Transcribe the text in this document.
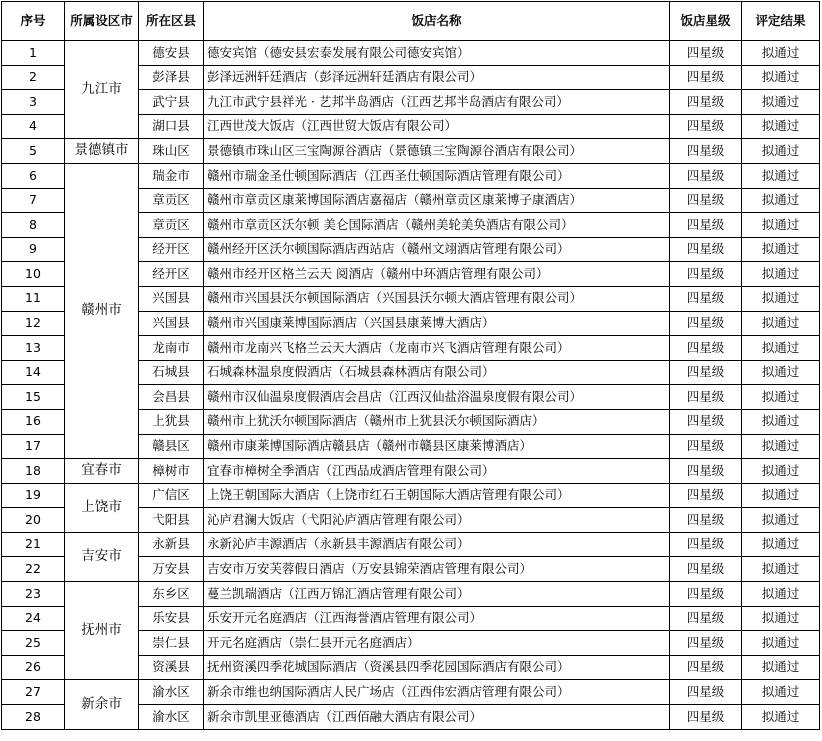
序号	所属设区市	所在区县	饭店名称	饭店星级	评定结果
1	九江市	德安县	德安宾馆（德安县宏泰发展有限公司德安宾馆）	四星级	拟通过
2		彭泽县	彭泽远洲轩廷酒店（彭泽远洲轩廷酒店有限公司）	四星级	拟通过
3		武宁县	九江市武宁县祥光 · 艺邦半岛酒店（江西艺邦半岛酒店有限公司）	四星级	拟通过
4		湖口县	江西世茂大饭店（江西世贸大饭店有限公司）	四星级	拟通过
5	景德镇市	珠山区	景德镇市珠山区三宝陶源谷酒店（景德镇三宝陶源谷酒店有限公司）	四星级	拟通过
6	赣州市	瑞金市	赣州市瑞金圣仕顿国际酒店（江西圣仕顿国际酒店管理有限公司）	四星级	拟通过
7		章贡区	赣州市章贡区康莱博国际酒店嘉福店（赣州章贡区康莱博子康酒店）	四星级	拟通过
8		章贡区	赣州市章贡区沃尔顿 美仑国际酒店（赣州美轮美奂酒店有限公司）	四星级	拟通过
9		经开区	赣州经开区沃尔顿国际酒店西站店（赣州文翊酒店管理有限公司）	四星级	拟通过
10		经开区	赣州市经开区格兰云天 阅酒店（赣州中环酒店管理有限公司）	四星级	拟通过
11		兴国县	赣州市兴国县沃尔顿国际酒店（兴国县沃尔顿大酒店管理有限公司）	四星级	拟通过
12		兴国县	赣州市兴国康莱博国际酒店（兴国县康莱博大酒店）	四星级	拟通过
13		龙南市	赣州市龙南兴飞格兰云天大酒店（龙南市兴飞酒店管理有限公司）	四星级	拟通过
14		石城县	石城森林温泉度假酒店（石城县森林酒店有限公司）	四星级	拟通过
15		会昌县	赣州市汉仙温泉度假酒店会昌店（江西汉仙盐浴温泉度假有限公司）	四星级	拟通过
16		上犹县	赣州市上犹沃尔顿国际酒店（赣州市上犹县沃尔顿国际酒店）	四星级	拟通过
17		赣县区	赣州市康莱博国际酒店赣县店（赣州市赣县区康莱博酒店）	四星级	拟通过
18	宜春市	樟树市	宜春市樟树全季酒店（江西品成酒店管理有限公司）	四星级	拟通过
19	上饶市	广信区	上饶王朝国际大酒店（上饶市红石王朝国际大酒店管理有限公司）	四星级	拟通过
20		弋阳县	沁庐君澜大饭店（弋阳沁庐酒店管理有限公司）	四星级	拟通过
21	吉安市	永新县	永新沁庐丰源酒店（永新县丰源酒店有限公司）	四星级	拟通过
22		万安县	吉安市万安芙蓉假日酒店（万安县锦荣酒店管理有限公司）	四星级	拟通过
23	抚州市	东乡区	蔓兰凯瑞酒店（江西万锦汇酒店管理有限公司）	四星级	拟通过
24		乐安县	乐安开元名庭酒店（江西海誉酒店管理有限公司）	四星级	拟通过
25		崇仁县	开元名庭酒店（崇仁县开元名庭酒店）	四星级	拟通过
26		资溪县	抚州资溪四季花城国际酒店（资溪县四季花园国际酒店有限公司）	四星级	拟通过
27	新余市	渝水区	新余市维也纳国际酒店人民广场店（江西伟宏酒店管理有限公司）	四星级	拟通过
28		渝水区	新余市凯里亚德酒店（江西佰融大酒店有限公司）	四星级	拟通过
